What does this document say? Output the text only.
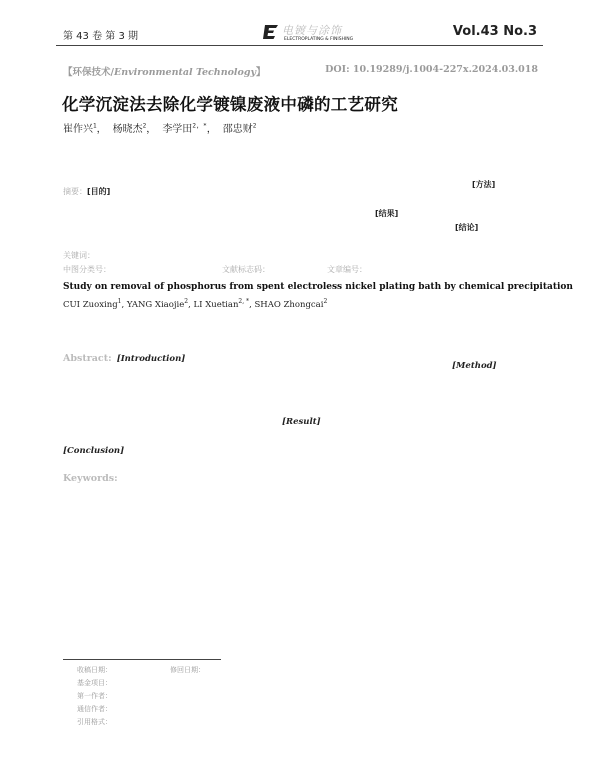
第 43 卷 第 3 期	电镀与涂饰
ELECTROPLATING & FINISHING
Vol.43 No.3
【环保技术/Environmental Technology】	DOI: 10.19289/j.1004-227x.2024.03.018
化学沉淀法去除化学镀镍废液中磷的工艺研究
崔作兴$^1$， 杨晓杰$^2$， 李学田$^{2, *}$， 邵忠财$^2$
摘要：[目的]
[方法]
[结果]
[结论]
关键词：
中图分类号：	文献标志码：	文章编号：
Study on removal of phosphorus from spent electroless nickel plating bath by chemical precipitation
CUI Zuoxing$^1$, YANG Xiaojie$^2$, LI Xuetian$^{2, *}$, SHAO Zhongcai$^2$
Abstract: [Introduction]
[Method]
[Result]
[Conclusion]
Keywords:
收稿日期：	修回日期：
基金项目：
第一作者：
通信作者：
引用格式：
